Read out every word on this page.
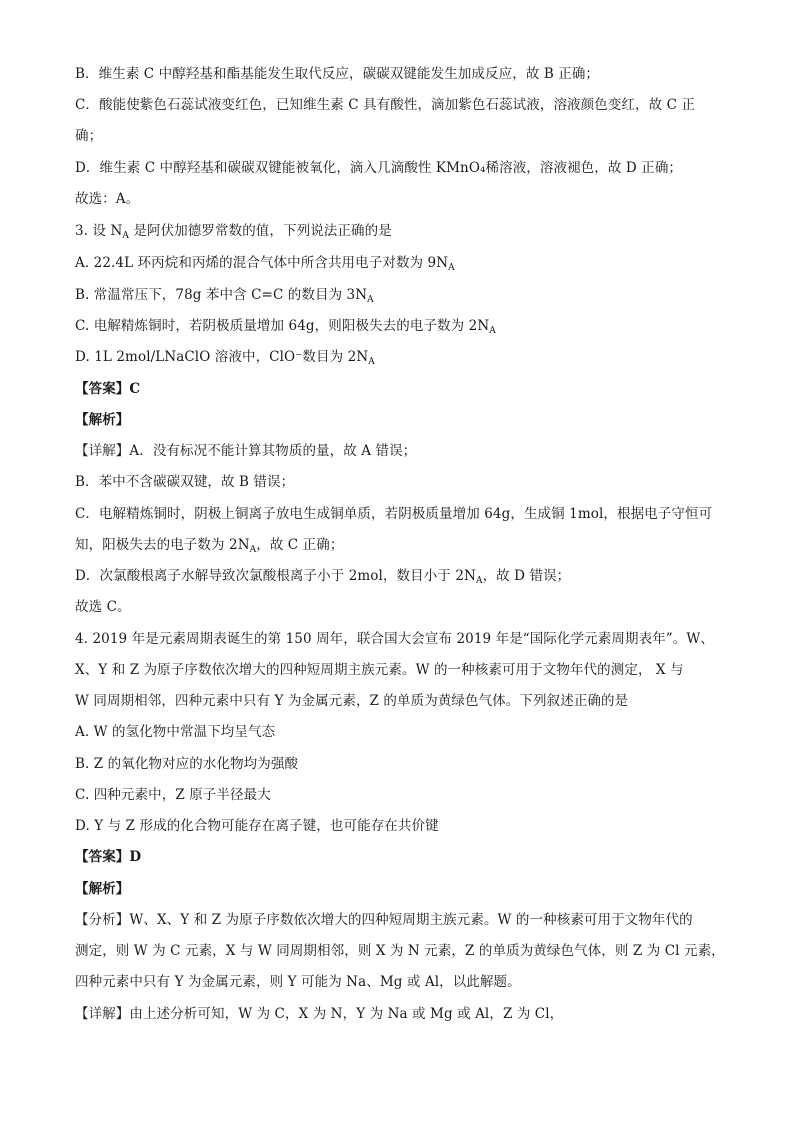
B．维生素 C 中醇羟基和酯基能发生取代反应，碳碳双键能发生加成反应，故 B 正确；
C．酸能使紫色石蕊试液变红色，已知维生素 C 具有酸性，滴加紫色石蕊试液，溶液颜色变红，故 C 正
确；
D．维生素 C 中醇羟基和碳碳双键能被氧化，滴入几滴酸性 KMnO₄稀溶液，溶液褪色，故 D 正确；
故选：A。
3. 设 $N_A$ 是阿伏加德罗常数的值，下列说法正确的是
A. 22.4L 环丙烷和丙烯的混合气体中所含共用电子对数为 $9N_A$
B. 常温常压下，78g 苯中含 C=C 的数目为 $3N_A$
C. 电解精炼铜时，若阴极质量增加 64g，则阳极失去的电子数为 $2N_A$
D. 1L 2mol/LNaClO 溶液中，ClO⁻数目为 $2N_A$
【答案】C
【解析】
【详解】A．没有标况不能计算其物质的量，故 A 错误；
B．苯中不含碳碳双键，故 B 错误；
C．电解精炼铜时，阴极上铜离子放电生成铜单质，若阴极质量增加 64g，生成铜 1mol，根据电子守恒可
知，阳极失去的电子数为 $2N_A$，故 C 正确；
D．次氯酸根离子水解导致次氯酸根离子小于 2mol，数目小于 $2N_A$，故 D 错误；
故选 C。
4. 2019 年是元素周期表诞生的第 150 周年，联合国大会宣布 2019 年是“国际化学元素周期表年”。W、
X、Y 和 Z 为原子序数依次增大的四种短周期主族元素。W 的一种核素可用于文物年代的测定， X 与
W 同周期相邻，四种元素中只有 Y 为金属元素，Z 的单质为黄绿色气体。下列叙述正确的是
A. W 的氢化物中常温下均呈气态
B. Z 的氧化物对应的水化物均为强酸
C. 四种元素中，Z 原子半径最大
D. Y 与 Z 形成的化合物可能存在离子键，也可能存在共价键
【答案】D
【解析】
【分析】W、X、Y 和 Z 为原子序数依次增大的四种短周期主族元素。W 的一种核素可用于文物年代的
测定，则 W 为 C 元素，X 与 W 同周期相邻，则 X 为 N 元素，Z 的单质为黄绿色气体，则 Z 为 Cl 元素，
四种元素中只有 Y 为金属元素，则 Y 可能为 Na、Mg 或 Al，以此解题。
【详解】由上述分析可知，W 为 C，X 为 N，Y 为 Na 或 Mg 或 Al，Z 为 Cl，
